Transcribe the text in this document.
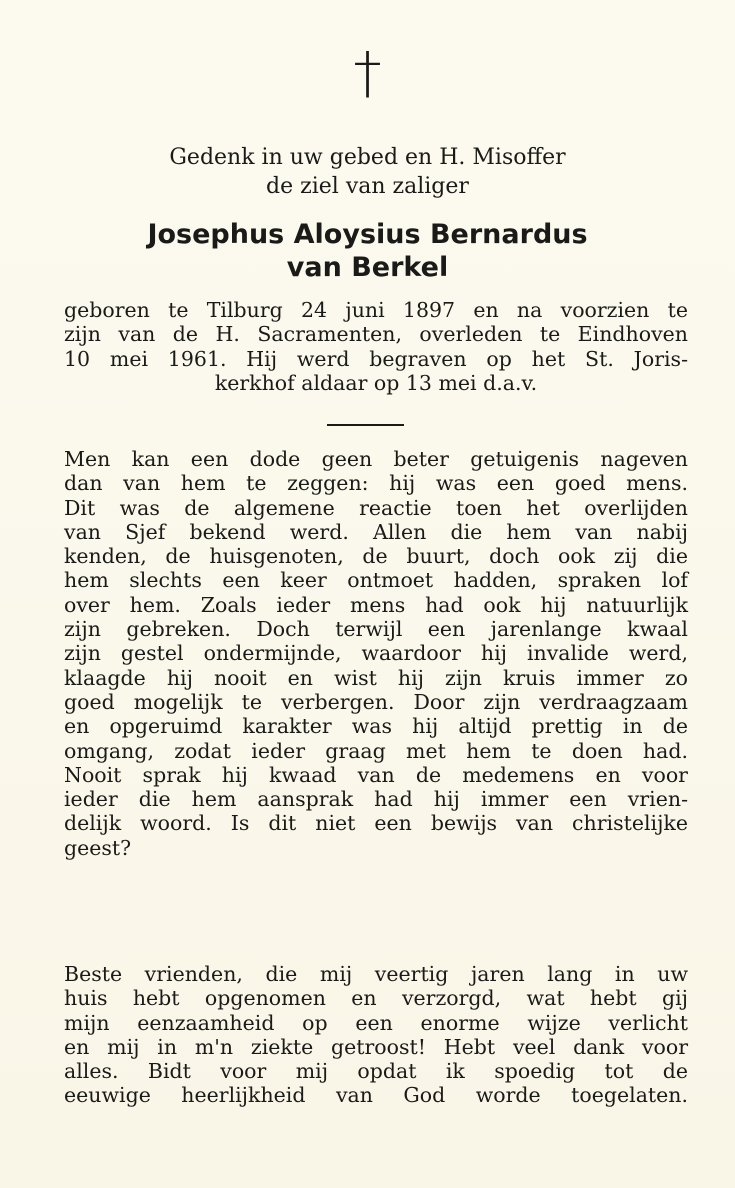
†
Gedenk in uw gebed en H. Misoffer
de ziel van zaliger
Josephus Aloysius Bernardus
van Berkel
geboren te Tilburg 24 juni 1897 en na voorzien te
zijn van de H. Sacramenten, overleden te Eindhoven
10 mei 1961. Hij werd begraven op het St. Joris-
kerkhof aldaar op 13 mei d.a.v.
Men kan een dode geen beter getuigenis nageven
dan van hem te zeggen: hij was een goed mens.
Dit was de algemene reactie toen het overlijden
van Sjef bekend werd. Allen die hem van nabij
kenden, de huisgenoten, de buurt, doch ook zij die
hem slechts een keer ontmoet hadden, spraken lof
over hem. Zoals ieder mens had ook hij natuurlijk
zijn gebreken. Doch terwijl een jarenlange kwaal
zijn gestel ondermijnde, waardoor hij invalide werd,
klaagde hij nooit en wist hij zijn kruis immer zo
goed mogelijk te verbergen. Door zijn verdraagzaam
en opgeruimd karakter was hij altijd prettig in de
omgang, zodat ieder graag met hem te doen had.
Nooit sprak hij kwaad van de medemens en voor
ieder die hem aansprak had hij immer een vrien-
delijk woord. Is dit niet een bewijs van christelijke
geest?
Beste vrienden, die mij veertig jaren lang in uw
huis hebt opgenomen en verzorgd, wat hebt gij
mijn eenzaamheid op een enorme wijze verlicht
en mij in m'n ziekte getroost! Hebt veel dank voor
alles. Bidt voor mij opdat ik spoedig tot de
eeuwige heerlijkheid van God worde toegelaten.
